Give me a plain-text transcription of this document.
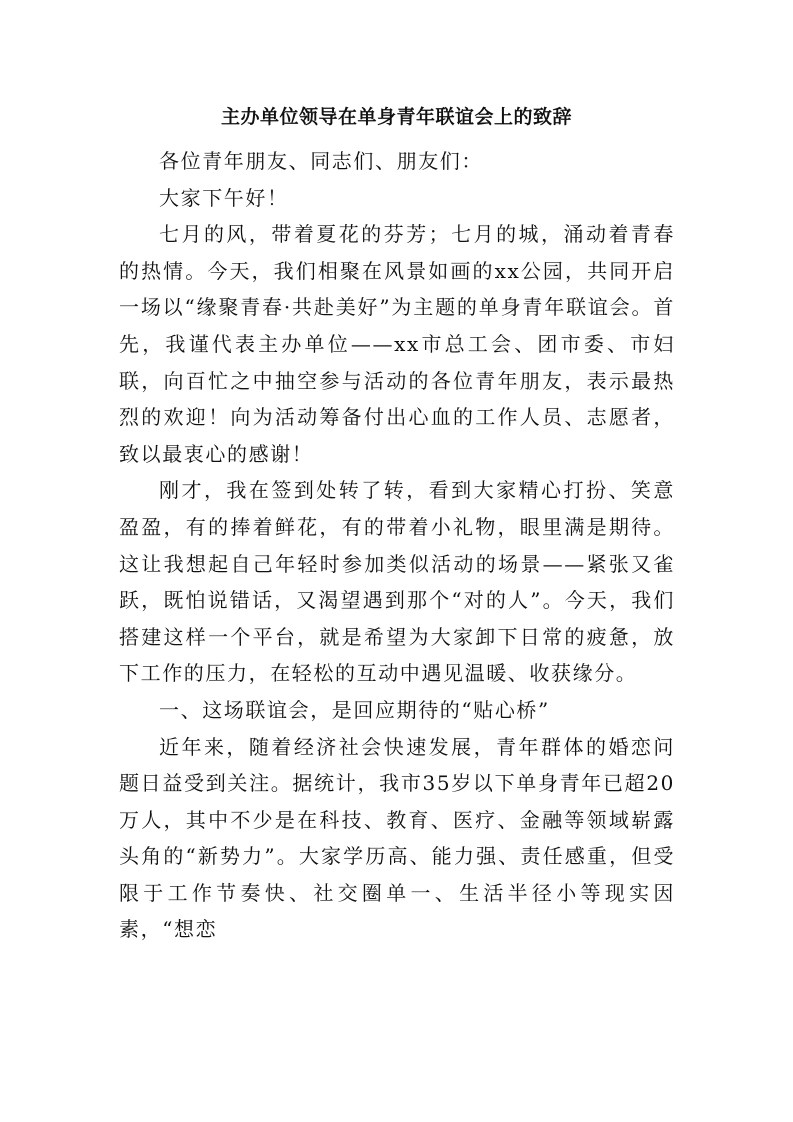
主办单位领导在单身青年联谊会上的致辞

各位青年朋友、同志们、朋友们：

大家下午好！

七月的风，带着夏花的芬芳；七月的城，涌动着青春的热情。今天，我们相聚在风景如画的xx公园，共同开启一场以“缘聚青春·共赴美好”为主题的单身青年联谊会。首先，我谨代表主办单位——xx市总工会、团市委、市妇联，向百忙之中抽空参与活动的各位青年朋友，表示最热烈的欢迎！向为活动筹备付出心血的工作人员、志愿者，致以最衷心的感谢！

刚才，我在签到处转了转，看到大家精心打扮、笑意盈盈，有的捧着鲜花，有的带着小礼物，眼里满是期待。这让我想起自己年轻时参加类似活动的场景——紧张又雀跃，既怕说错话，又渴望遇到那个“对的人”。今天，我们搭建这样一个平台，就是希望为大家卸下日常的疲惫，放下工作的压力，在轻松的互动中遇见温暖、收获缘分。

一、这场联谊会，是回应期待的“贴心桥”

近年来，随着经济社会快速发展，青年群体的婚恋问题日益受到关注。据统计，我市35岁以下单身青年已超20万人，其中不少是在科技、教育、医疗、金融等领域崭露头角的“新势力”。大家学历高、能力强、责任感重，但受限于工作节奏快、社交圈单一、生活半径小等现实因素，“想恋
